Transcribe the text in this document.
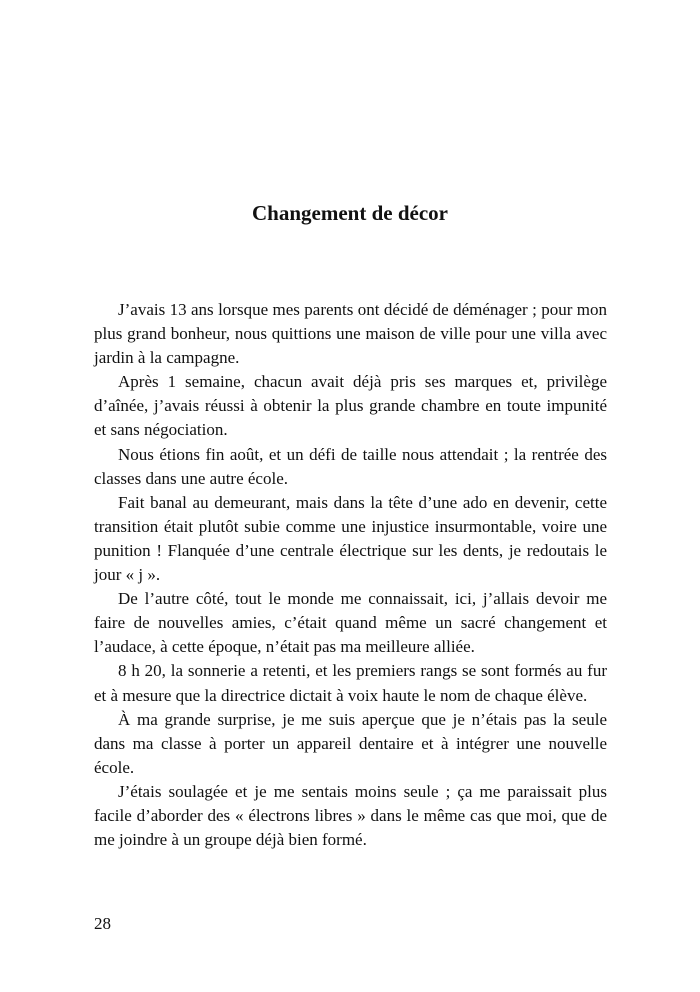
Changement de décor

J’avais 13 ans lorsque mes parents ont décidé de déménager ; pour mon plus grand bonheur, nous quittions une maison de ville pour une villa avec jardin à la campagne.

Après 1 semaine, chacun avait déjà pris ses marques et, privilège d’aînée, j’avais réussi à obtenir la plus grande chambre en toute impunité et sans négociation.

Nous étions fin août, et un défi de taille nous attendait ; la rentrée des classes dans une autre école.

Fait banal au demeurant, mais dans la tête d’une ado en devenir, cette transition était plutôt subie comme une injustice insurmontable, voire une punition ! Flanquée d’une centrale électrique sur les dents, je redoutais le jour « j ».

De l’autre côté, tout le monde me connaissait, ici, j’allais devoir me faire de nouvelles amies, c’était quand même un sacré changement et l’audace, à cette époque, n’était pas ma meilleure alliée.

8 h 20, la sonnerie a retenti, et les premiers rangs se sont formés au fur et à mesure que la directrice dictait à voix haute le nom de chaque élève.

À ma grande surprise, je me suis aperçue que je n’étais pas la seule dans ma classe à porter un appareil dentaire et à intégrer une nouvelle école.

J’étais soulagée et je me sentais moins seule ; ça me paraissait plus facile d’aborder des « électrons libres » dans le même cas que moi, que de me joindre à un groupe déjà bien formé.

28
